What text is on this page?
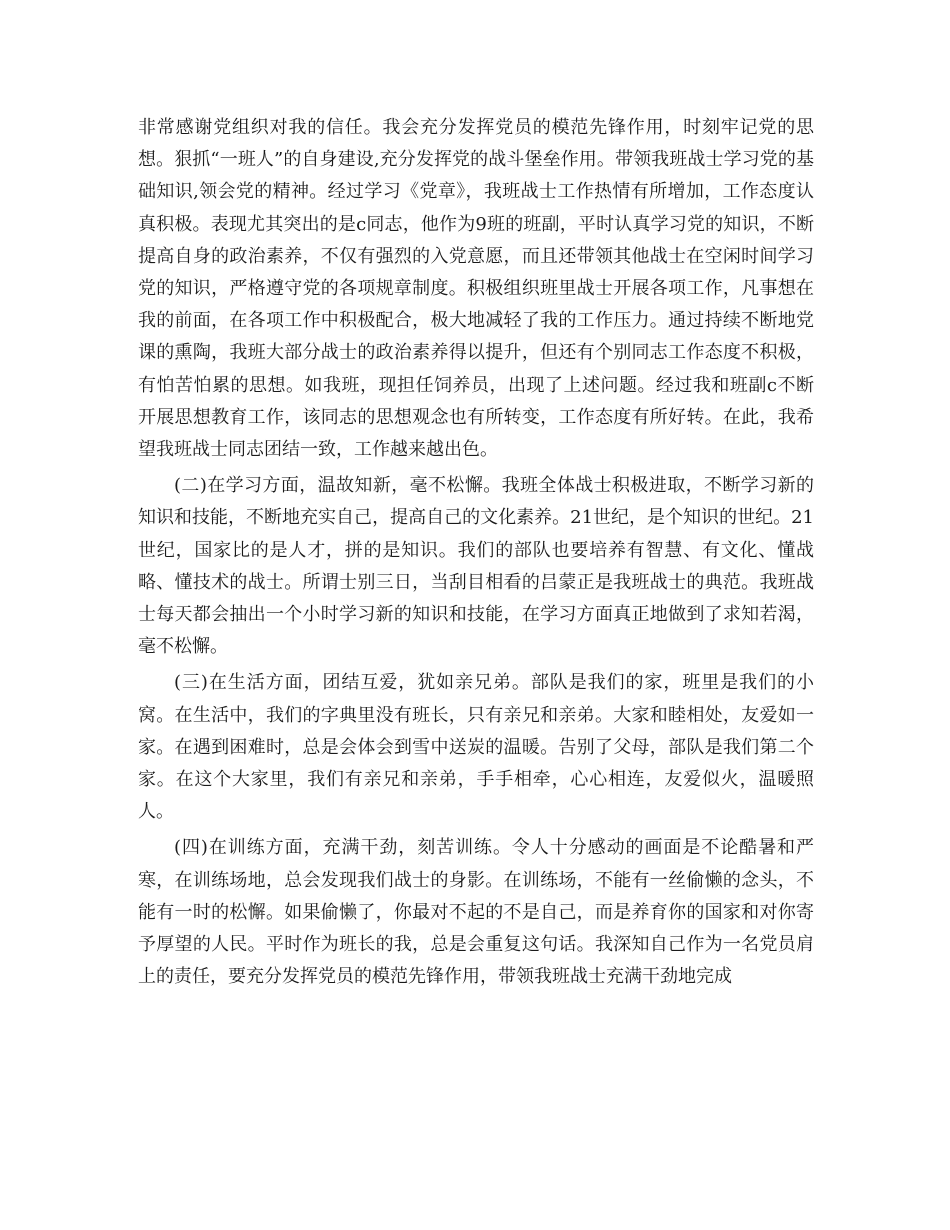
非常感谢党组织对我的信任。我会充分发挥党员的模范先锋作用，时刻牢记党的思想。狠抓“一班人”的自身建设,充分发挥党的战斗堡垒作用。带领我班战士学习党的基础知识,领会党的精神。经过学习《党章》，我班战士工作热情有所增加，工作态度认真积极。表现尤其突出的是c同志，他作为9班的班副，平时认真学习党的知识，不断提高自身的政治素养，不仅有强烈的入党意愿，而且还带领其他战士在空闲时间学习党的知识，严格遵守党的各项规章制度。积极组织班里战士开展各项工作，凡事想在我的前面，在各项工作中积极配合，极大地减轻了我的工作压力。通过持续不断地党课的熏陶，我班大部分战士的政治素养得以提升，但还有个别同志工作态度不积极，有怕苦怕累的思想。如我班，现担任饲养员，出现了上述问题。经过我和班副c不断开展思想教育工作，该同志的思想观念也有所转变，工作态度有所好转。在此，我希望我班战士同志团结一致，工作越来越出色。

(二)在学习方面，温故知新，毫不松懈。我班全体战士积极进取，不断学习新的知识和技能，不断地充实自己，提高自己的文化素养。21世纪，是个知识的世纪。21世纪，国家比的是人才，拼的是知识。我们的部队也要培养有智慧、有文化、懂战略、懂技术的战士。所谓士别三日，当刮目相看的吕蒙正是我班战士的典范。我班战士每天都会抽出一个小时学习新的知识和技能，在学习方面真正地做到了求知若渴，毫不松懈。

(三)在生活方面，团结互爱，犹如亲兄弟。部队是我们的家，班里是我们的小窝。在生活中，我们的字典里没有班长，只有亲兄和亲弟。大家和睦相处，友爱如一家。在遇到困难时，总是会体会到雪中送炭的温暖。告别了父母，部队是我们第二个家。在这个大家里，我们有亲兄和亲弟，手手相牵，心心相连，友爱似火，温暖照人。

(四)在训练方面，充满干劲，刻苦训练。令人十分感动的画面是不论酷暑和严寒，在训练场地，总会发现我们战士的身影。在训练场，不能有一丝偷懒的念头，不能有一时的松懈。如果偷懒了，你最对不起的不是自己，而是养育你的国家和对你寄予厚望的人民。平时作为班长的我，总是会重复这句话。我深知自己作为一名党员肩上的责任，要充分发挥党员的模范先锋作用，带领我班战士充满干劲地完成
